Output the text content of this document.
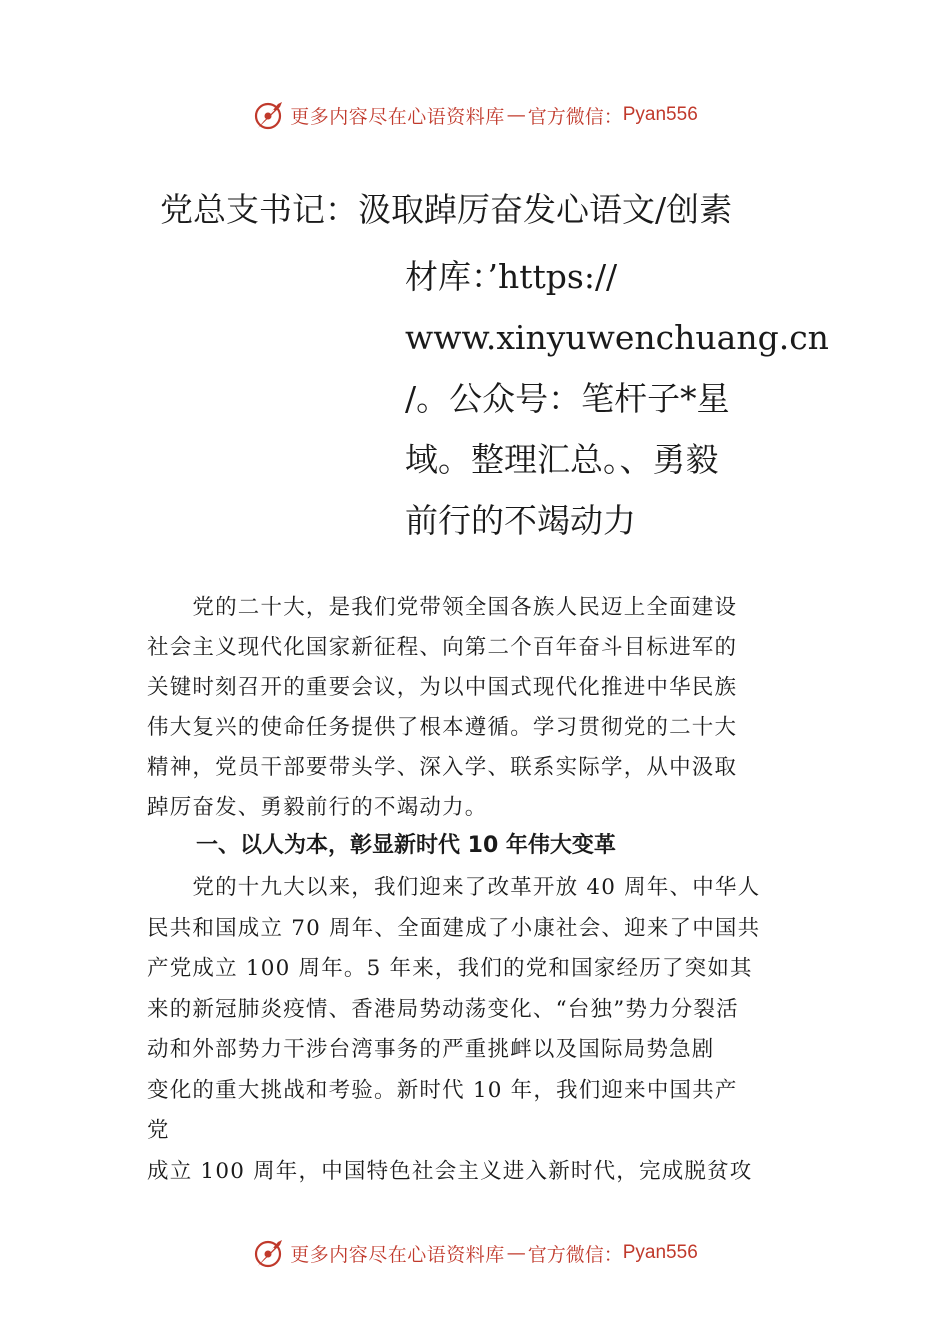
更多内容尽在心语资料库 — 官方微信： Pyan556
党总支书记：汲取踔厉奋发心语文/创素
材库：’https://
www.xinyuwenchuang.cn
/。公众号：笔杆子*星
域。整理汇总。、勇毅
前行的不竭动力
　　党的二十大，是我们党带领全国各族人民迈上全面建设
社会主义现代化国家新征程、向第二个百年奋斗目标进军的
关键时刻召开的重要会议，为以中国式现代化推进中华民族
伟大复兴的使命任务提供了根本遵循。学习贯彻党的二十大
精神，党员干部要带头学、深入学、联系实际学，从中汲取
踔厉奋发、勇毅前行的不竭动力。
一、以人为本，彰显新时代 10 年伟大变革
　　党的十九大以来，我们迎来了改革开放 40 周年、中华人
民共和国成立 70 周年、全面建成了小康社会、迎来了中国共
产党成立 100 周年。5 年来，我们的党和国家经历了突如其
来的新冠肺炎疫情、香港局势动荡变化、“台独”势力分裂活
动和外部势力干涉台湾事务的严重挑衅以及国际局势急剧
变化的重大挑战和考验。新时代 10 年，我们迎来中国共产
党
成立 100 周年，中国特色社会主义进入新时代，完成脱贫攻
更多内容尽在心语资料库 — 官方微信： Pyan556
